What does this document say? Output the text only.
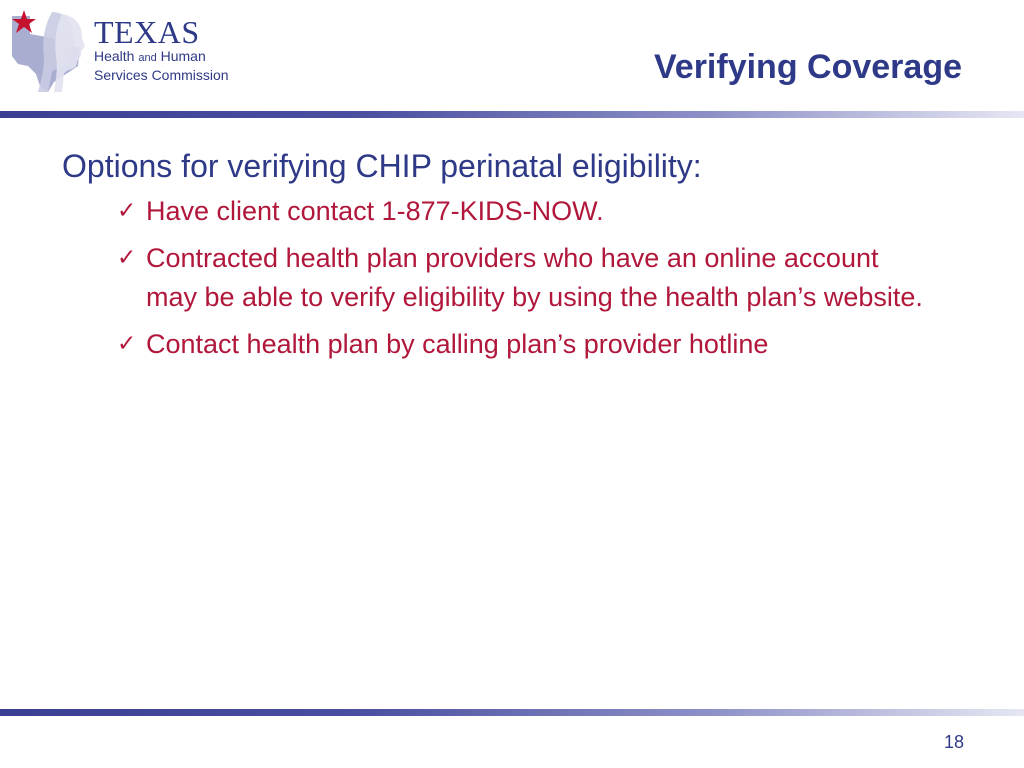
TEXAS
Health and Human
Services Commission	Verifying Coverage

Options for verifying CHIP perinatal eligibility:

✓ Have client contact 1-877-KIDS-NOW.
✓ Contracted health plan providers who have an online account may be able to verify eligibility by using the health plan’s website.
✓ Contact health plan by calling plan’s provider hotline
18
